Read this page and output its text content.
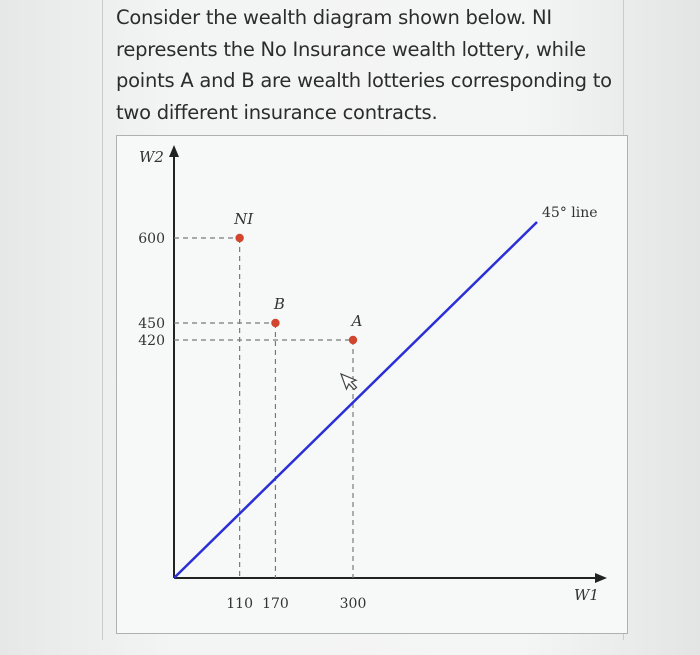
Consider the wealth diagram shown below. NI
represents the No Insurance wealth lottery, while
points A and B are wealth lotteries corresponding to
two different insurance contracts.
W2
W1
45° line
600
450
420
110 170	300
NI
B
A
